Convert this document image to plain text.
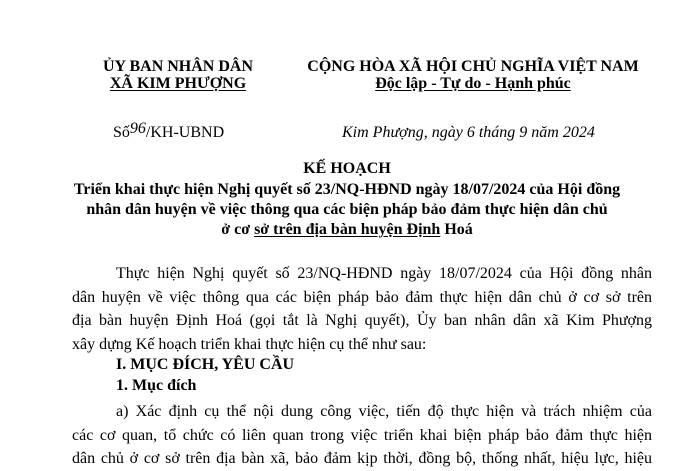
ỦY BAN NHÂN DÂN
XÃ KIM PHƯỢNG
CỘNG HÒA XÃ HỘI CHỦ NGHĨA VIỆT NAM
Độc lập - Tự do - Hạnh phúc
Số96/KH-UBND	Kim Phượng, ngày 6 tháng 9 năm 2024
KẾ HOẠCH
Triển khai thực hiện Nghị quyết số 23/NQ-HĐND ngày 18/07/2024 của Hội đồng
nhân dân huyện về việc thông qua các biện pháp bảo đảm thực hiện dân chủ
ở cơ sở trên địa bàn huyện Định Hoá
Thực hiện Nghị quyết số 23/NQ-HĐND ngày 18/07/2024 của Hội đồng nhân
dân huyện về việc thông qua các biện pháp bảo đảm thực hiện dân chủ ở cơ sở trên
địa bàn huyện Định Hoá (gọi tắt là Nghị quyết), Ủy ban nhân dân xã Kim Phượng
xây dựng Kế hoạch triển khai thực hiện cụ thể như sau:
I. MỤC ĐÍCH, YÊU CẦU
1. Mục đích
a) Xác định cụ thể nội dung công việc, tiến độ thực hiện và trách nhiệm của
các cơ quan, tổ chức có liên quan trong việc triển khai biện pháp bảo đảm thực hiện
dân chủ ở cơ sở trên địa bàn xã, bảo đảm kịp thời, đồng bộ, thống nhất, hiệu lực, hiệu
